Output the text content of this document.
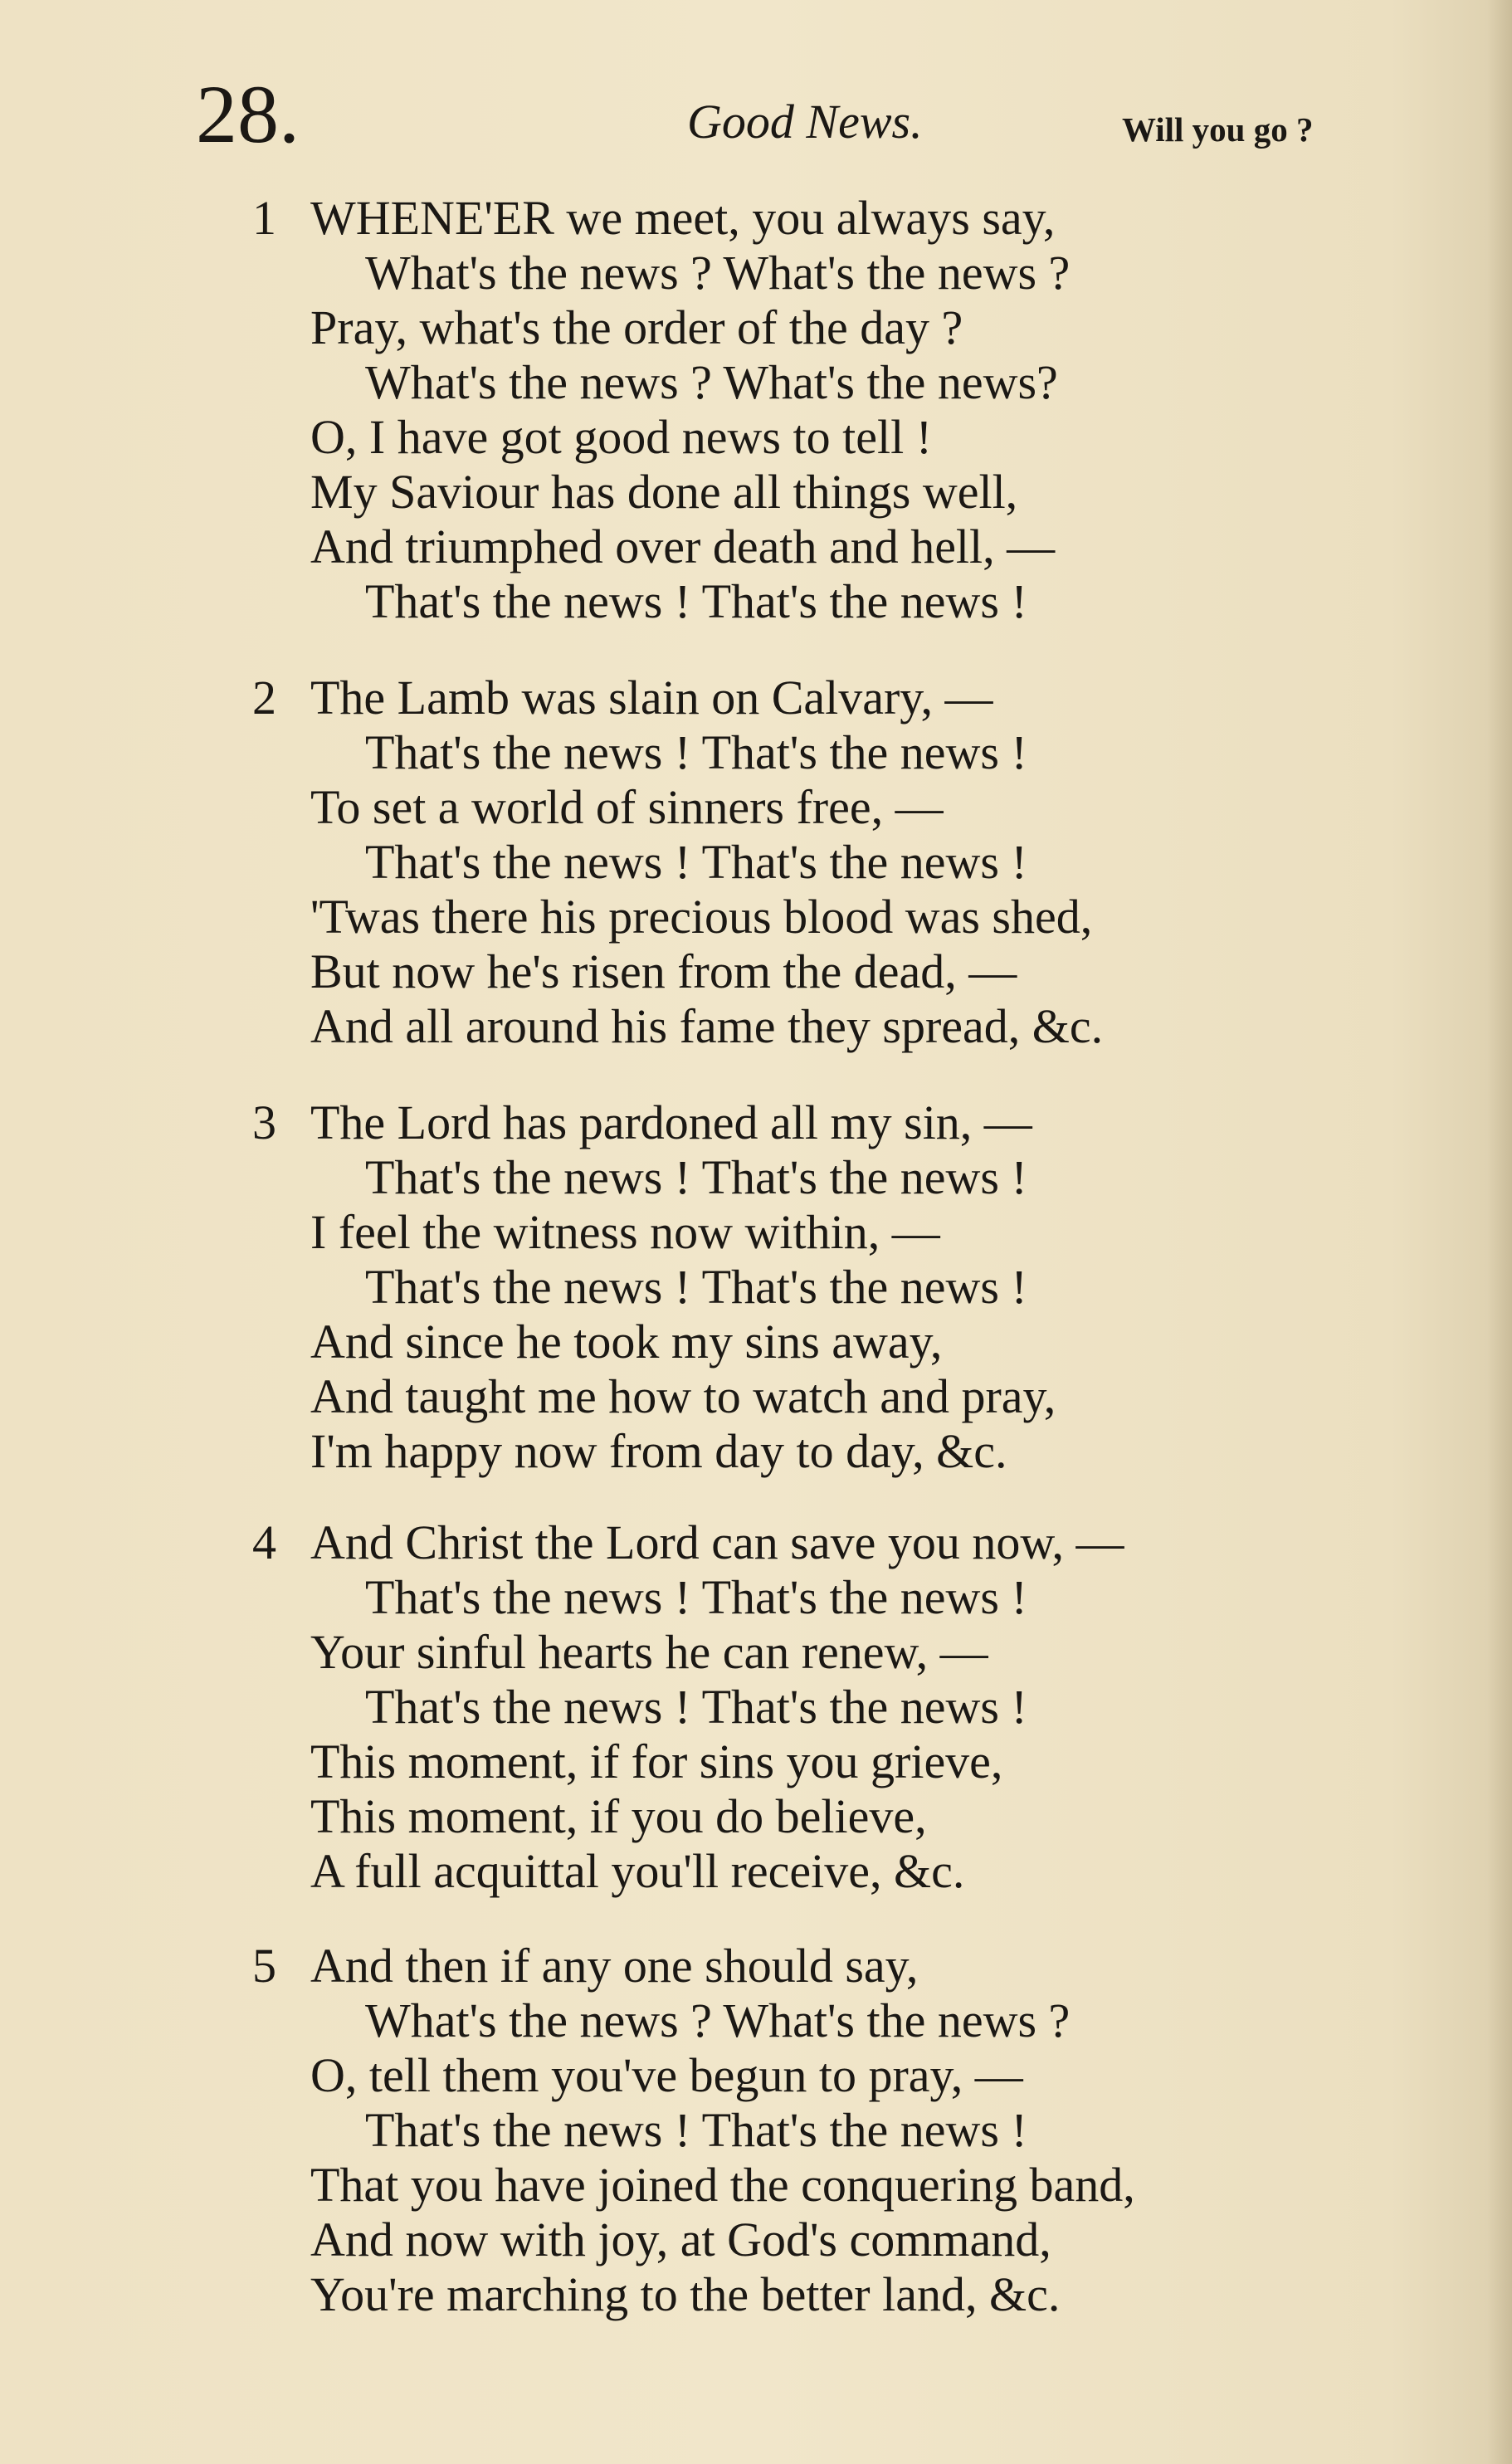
28.	Good News.	Will you go ?
1 WHENE'ER we meet, you always say,
What's the news ? What's the news ?
Pray, what's the order of the day ?
What's the news ? What's the news?
O, I have got good news to tell !
My Saviour has done all things well,
And triumphed over death and hell, —
That's the news ! That's the news !
2 The Lamb was slain on Calvary, —
That's the news ! That's the news !
To set a world of sinners free, —
That's the news ! That's the news !
'Twas there his precious blood was shed,
But now he's risen from the dead, —
And all around his fame they spread, &c.
3 The Lord has pardoned all my sin, —
That's the news ! That's the news !
I feel the witness now within, —
That's the news ! That's the news !
And since he took my sins away,
And taught me how to watch and pray,
I'm happy now from day to day, &c.
4 And Christ the Lord can save you now, —
That's the news ! That's the news !
Your sinful hearts he can renew, —
That's the news ! That's the news !
This moment, if for sins you grieve,
This moment, if you do believe,
A full acquittal you'll receive, &c.
5 And then if any one should say,
What's the news ? What's the news ?
O, tell them you've begun to pray, —
That's the news ! That's the news !
That you have joined the conquering band,
And now with joy, at God's command,
You're marching to the better land, &c.
